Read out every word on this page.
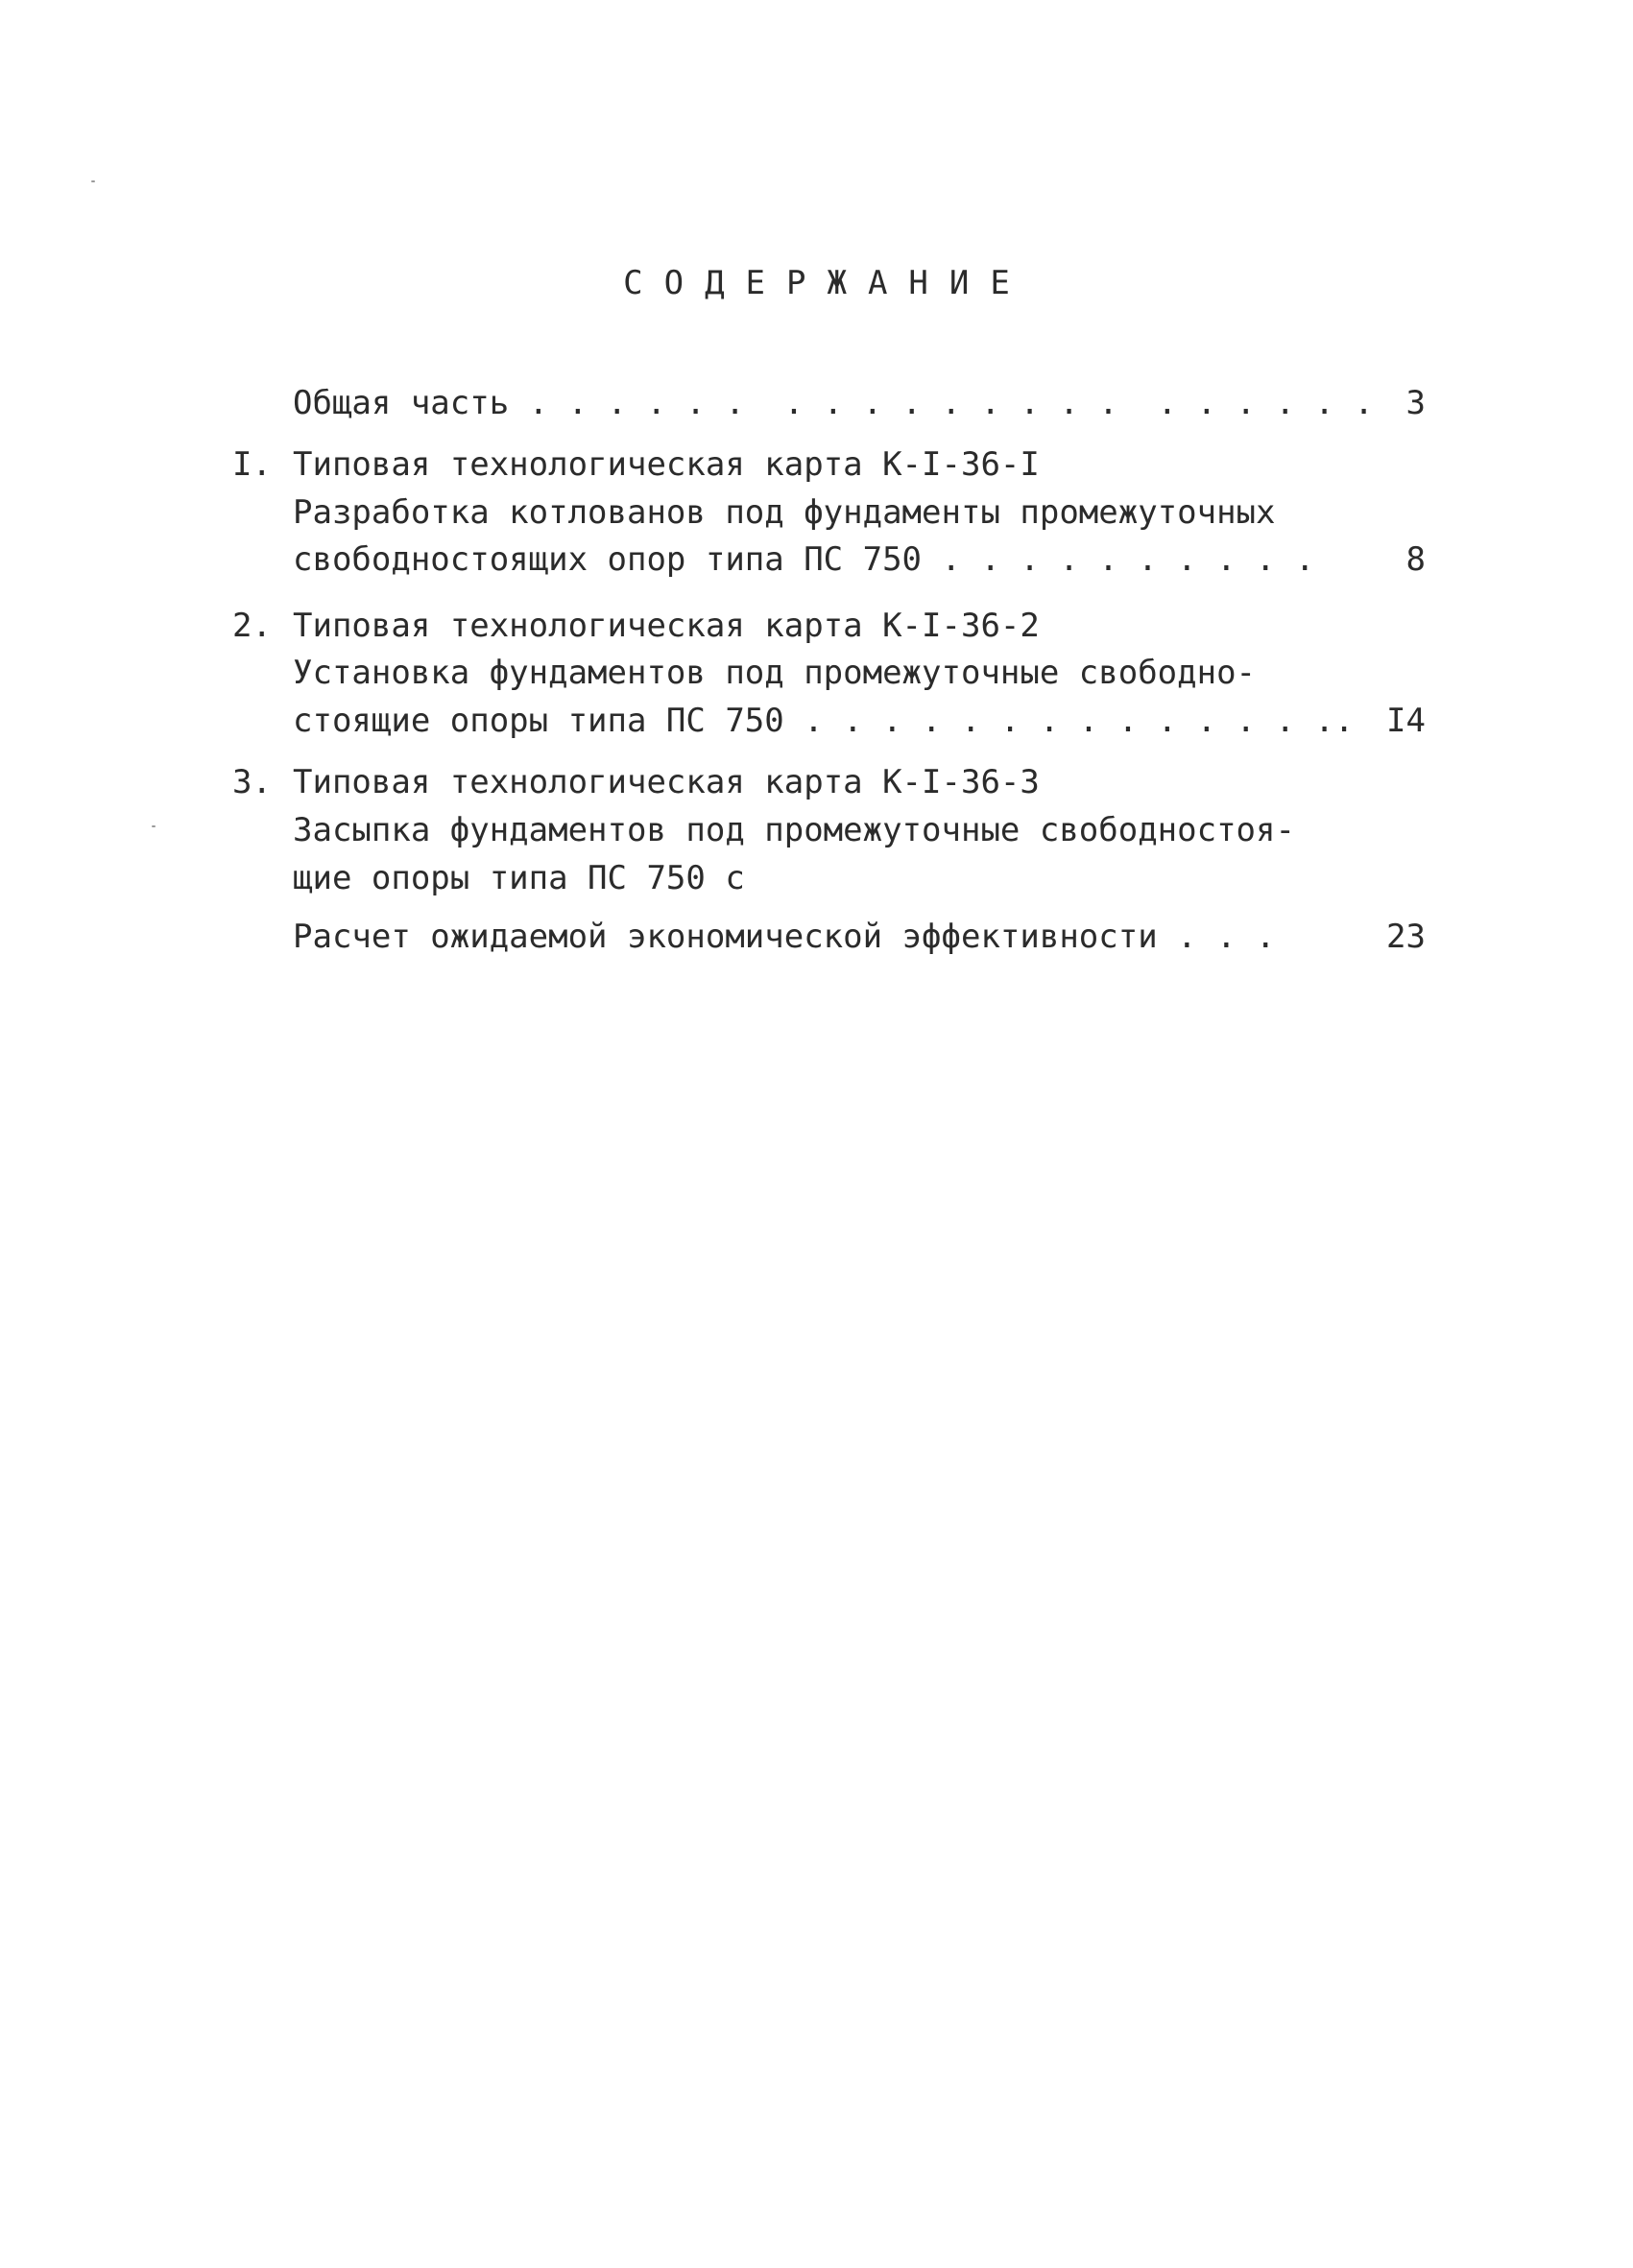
СОДЕРЖАНИЕ
Общая часть . . . . . .  . . . . . . . . .  . . . . . . 3
I. Типовая технологическая карта К-I-36-I
Разработка котлованов под фундаменты промежуточных
свободностоящих опор типа ПС 750 . . . . . . . . . .	8
2. Типовая технологическая карта К-I-36-2
Установка фундаментов под промежуточные свободно-
стоящие опоры типа ПС 750 . . . . . . . . . . . . . .. I4
3. Типовая технологическая карта К-I-36-3
Засыпка фундаментов под промежуточные свободностоя-
щие опоры типа ПС 750 с
Расчет ожидаемой экономической эффективности . . .	23
